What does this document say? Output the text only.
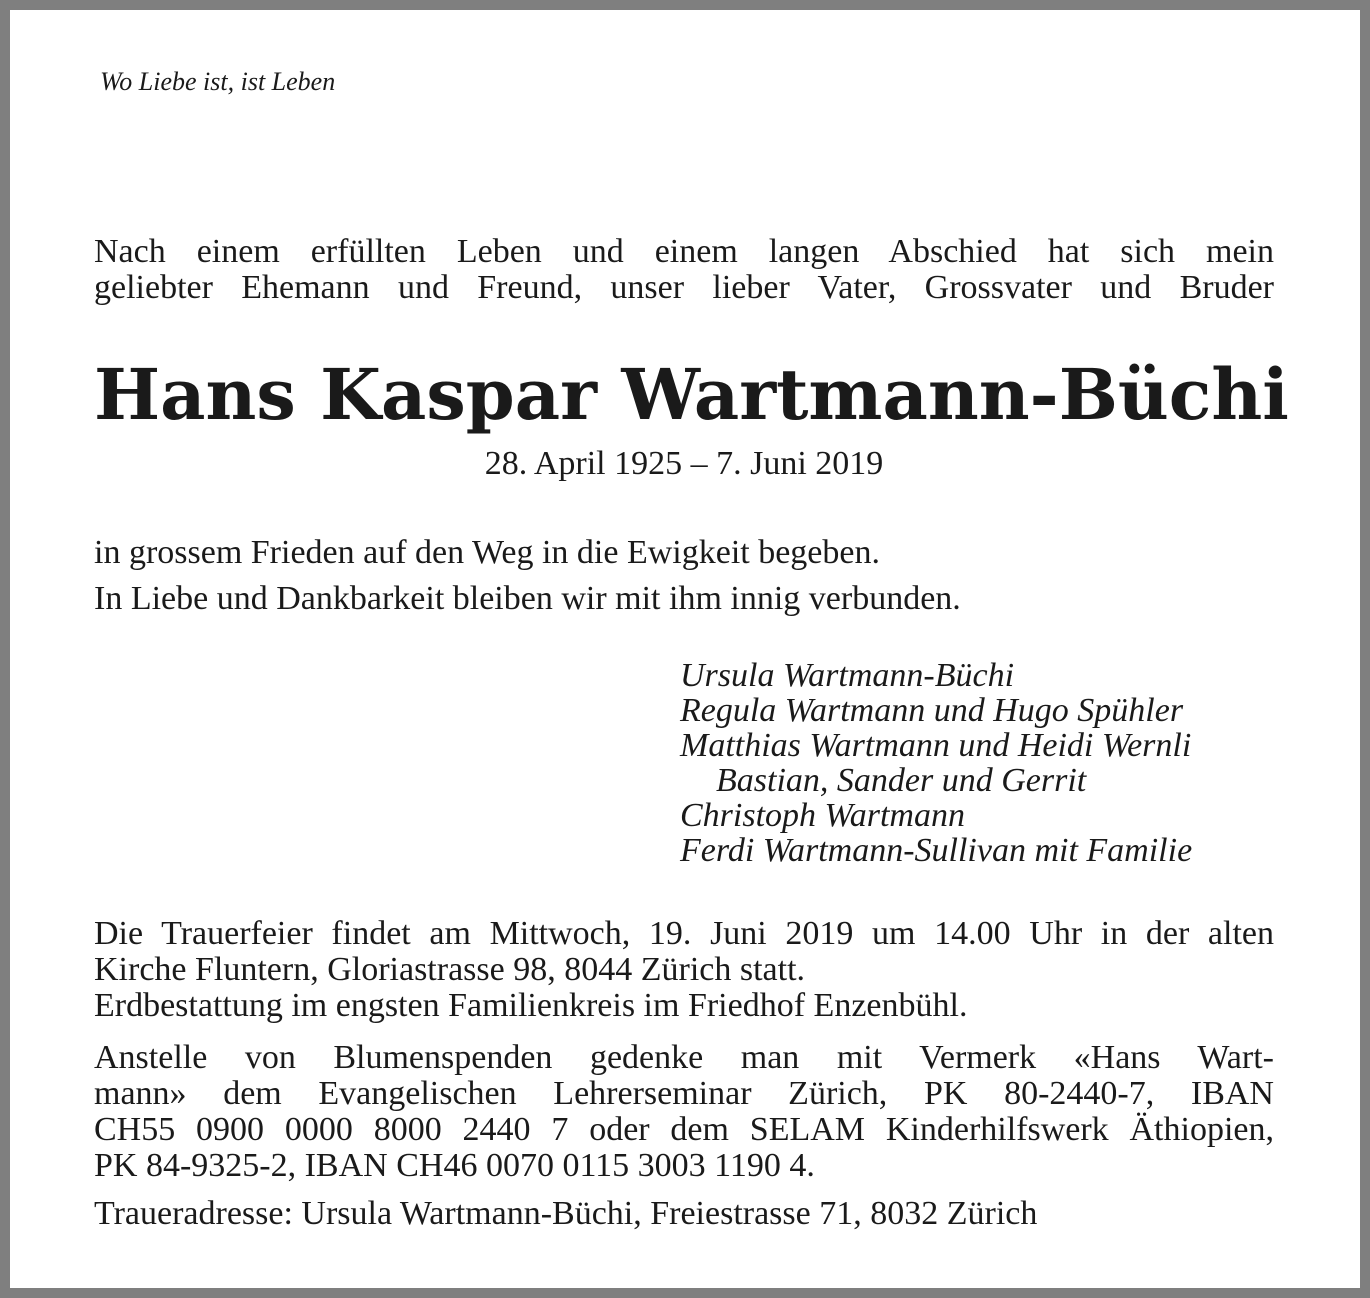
Wo Liebe ist, ist Leben
Nach einem erfüllten Leben und einem langen Abschied hat sich mein
geliebter Ehemann und Freund, unser lieber Vater, Grossvater und Bruder
Hans Kaspar Wartmann-Büchi
28. April 1925 – 7. Juni 2019
in grossem Frieden auf den Weg in die Ewigkeit begeben.
In Liebe und Dankbarkeit bleiben wir mit ihm innig verbunden.
Ursula Wartmann-Büchi
Regula Wartmann und Hugo Spühler
Matthias Wartmann und Heidi Wernli
Bastian, Sander und Gerrit
Christoph Wartmann
Ferdi Wartmann-Sullivan mit Familie
Die Trauerfeier findet am Mittwoch, 19. Juni 2019 um 14.00 Uhr in der alten
Kirche Fluntern, Gloriastrasse 98, 8044 Zürich statt.
Erdbestattung im engsten Familienkreis im Friedhof Enzenbühl.
Anstelle von Blumenspenden gedenke man mit Vermerk «Hans Wart-
mann» dem Evangelischen Lehrerseminar Zürich, PK 80-2440-7, IBAN
CH55 0900 0000 8000 2440 7 oder dem SELAM Kinderhilfswerk Äthiopien,
PK 84-9325-2, IBAN CH46 0070 0115 3003 1190 4.
Traueradresse: Ursula Wartmann-Büchi, Freiestrasse 71, 8032 Zürich
